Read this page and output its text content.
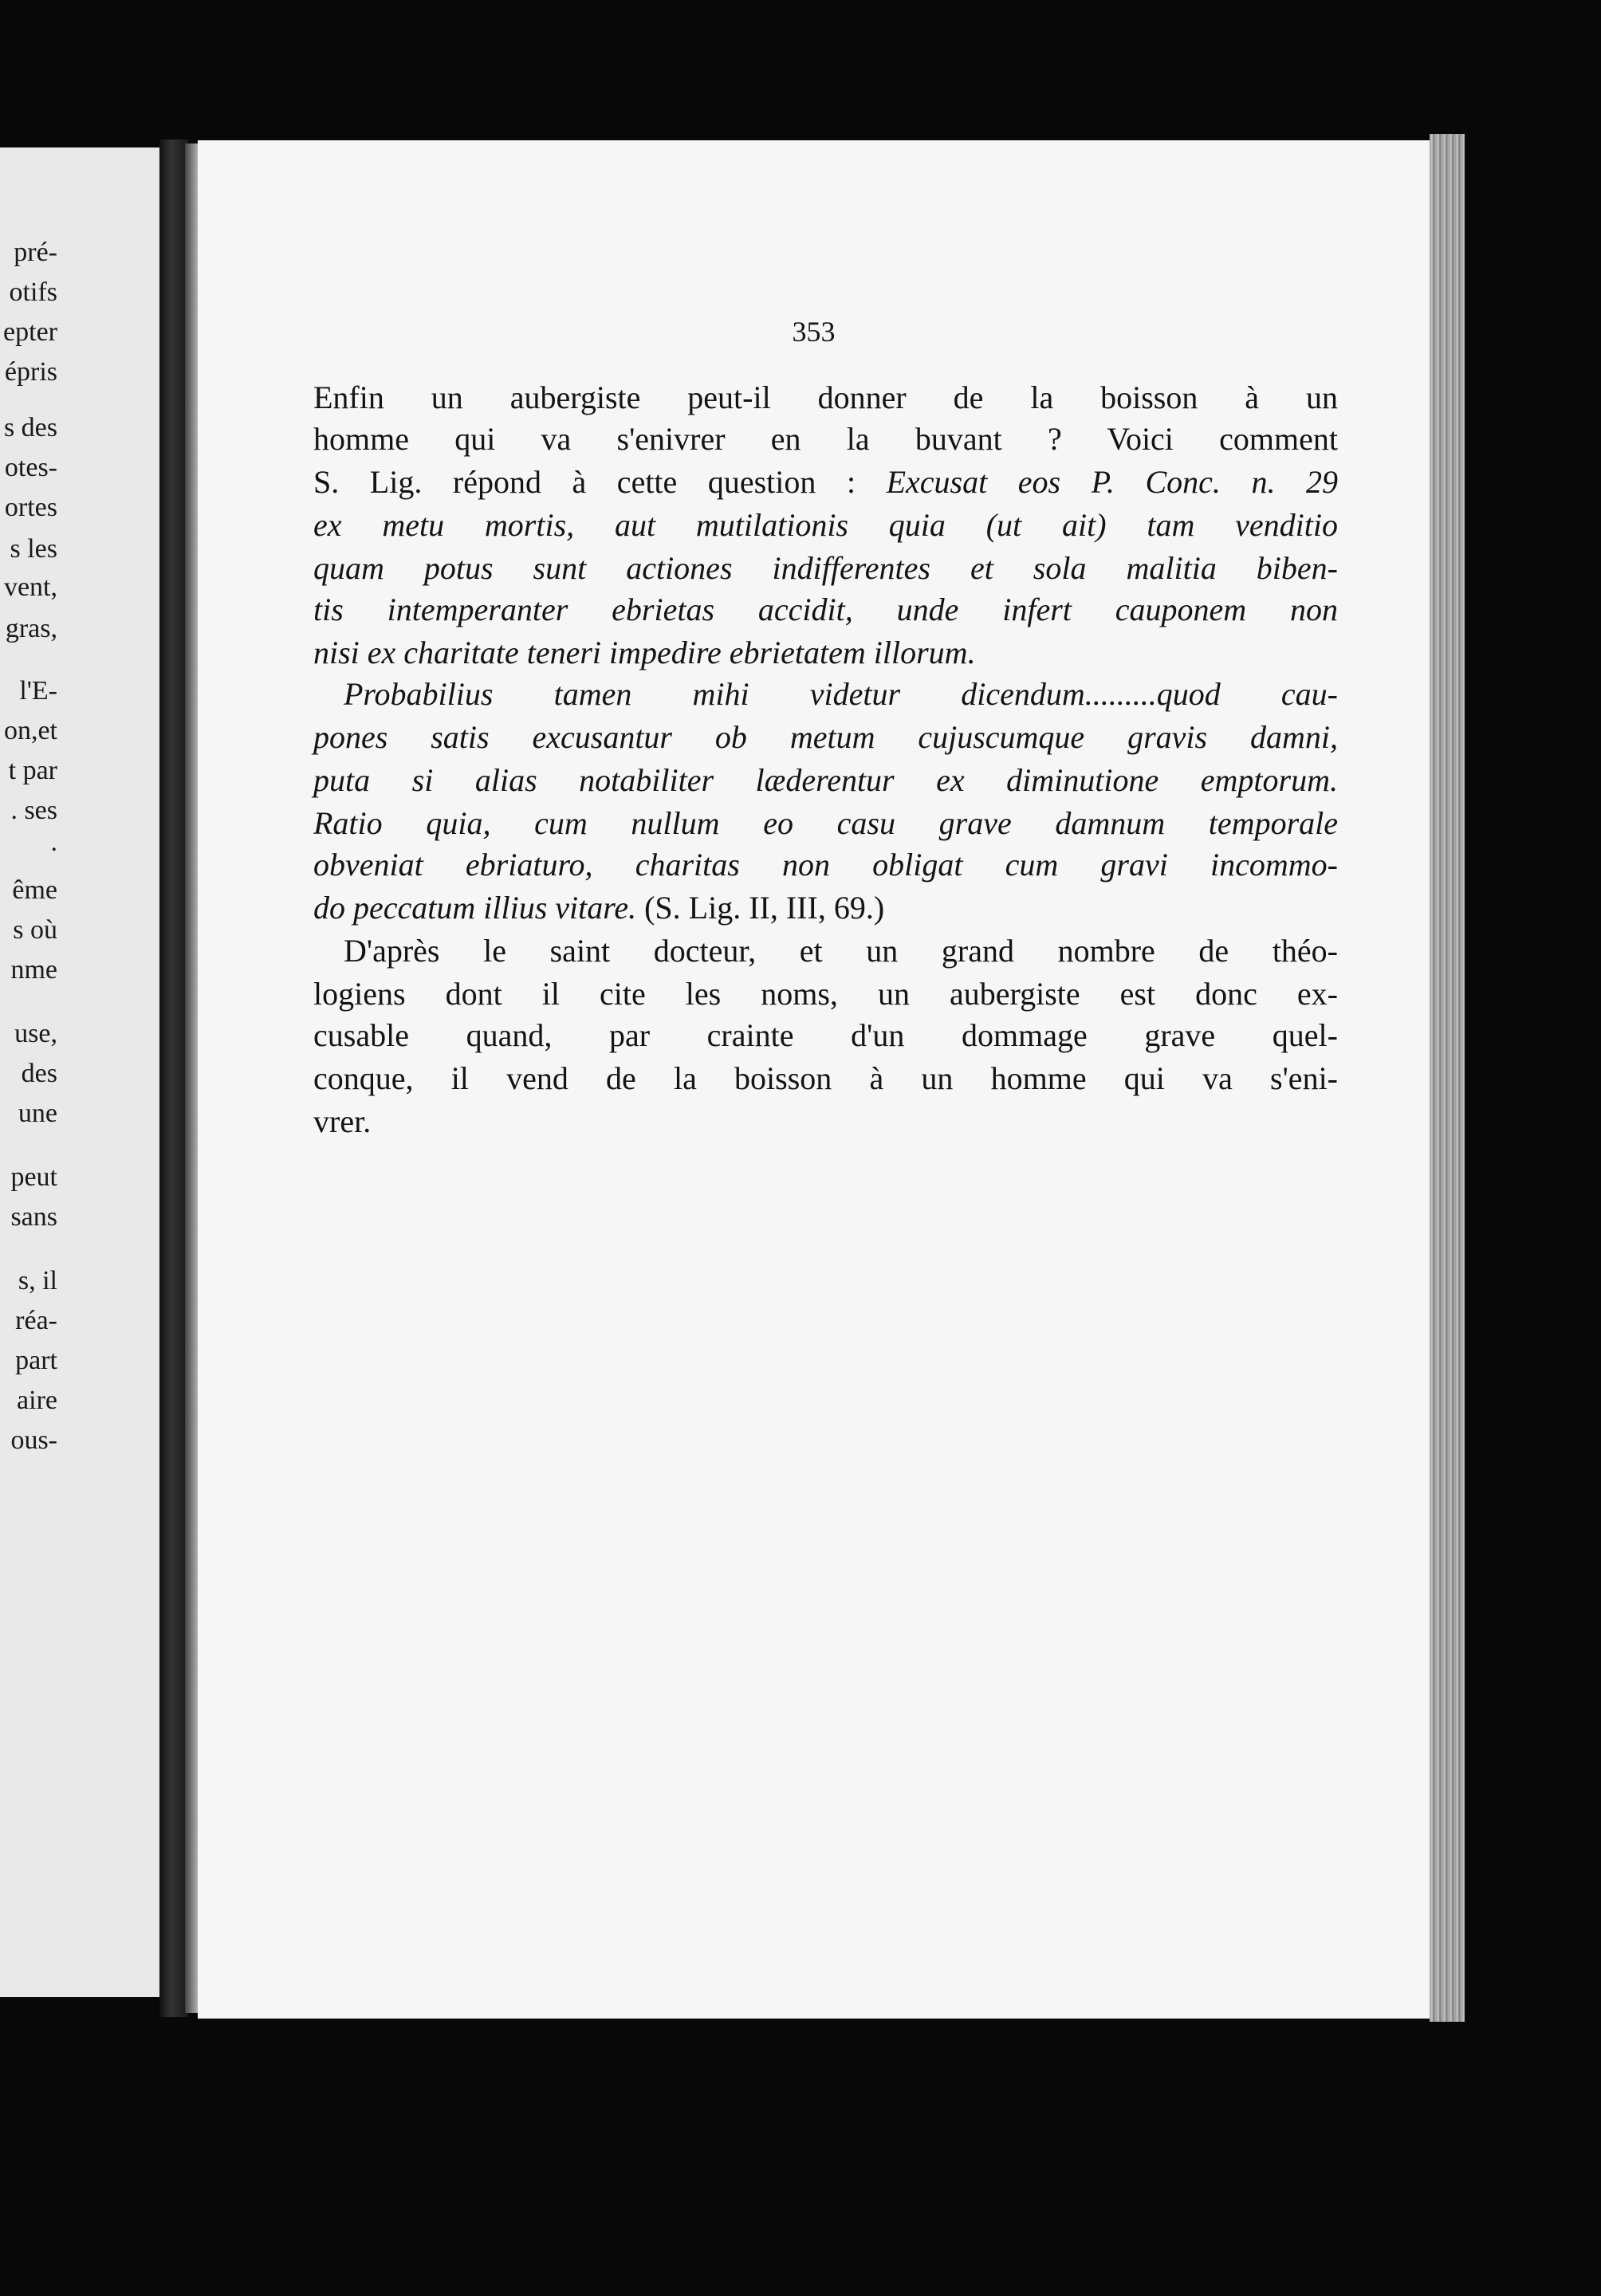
pré-
otifs
epter
épris
s des
otes-
ortes
s les
vent,
gras,
l'E-
on,et
t par
. ses
.
ême
s où
nme
use,
des
une
peut
sans
s, il
réa-
part
aire
ous-
353
Enfin un aubergiste peut-il donner de la boisson à un
homme qui va s'enivrer en la buvant ? Voici comment
S. Lig. répond à cette question : Excusat eos P. Conc. n. 29
ex metu mortis, aut mutilationis quia (ut ait) tam venditio
quam potus sunt actiones indifferentes et sola malitia biben-
tis intemperanter ebrietas accidit, unde infert cauponem non
nisi ex charitate teneri impedire ebrietatem illorum.
Probabilius tamen mihi videtur dicendum.........quod cau-
pones satis excusantur ob metum cujuscumque gravis damni,
puta si alias notabiliter læderentur ex diminutione emptorum.
Ratio quia, cum nullum eo casu grave damnum temporale
obveniat ebriaturo, charitas non obligat cum gravi incommo-
do peccatum illius vitare. (S. Lig. II, III, 69.)
D'après le saint docteur, et un grand nombre de théo-
logiens dont il cite les noms, un aubergiste est donc ex-
cusable quand, par crainte d'un dommage grave quel-
conque, il vend de la boisson à un homme qui va s'eni-
vrer.
